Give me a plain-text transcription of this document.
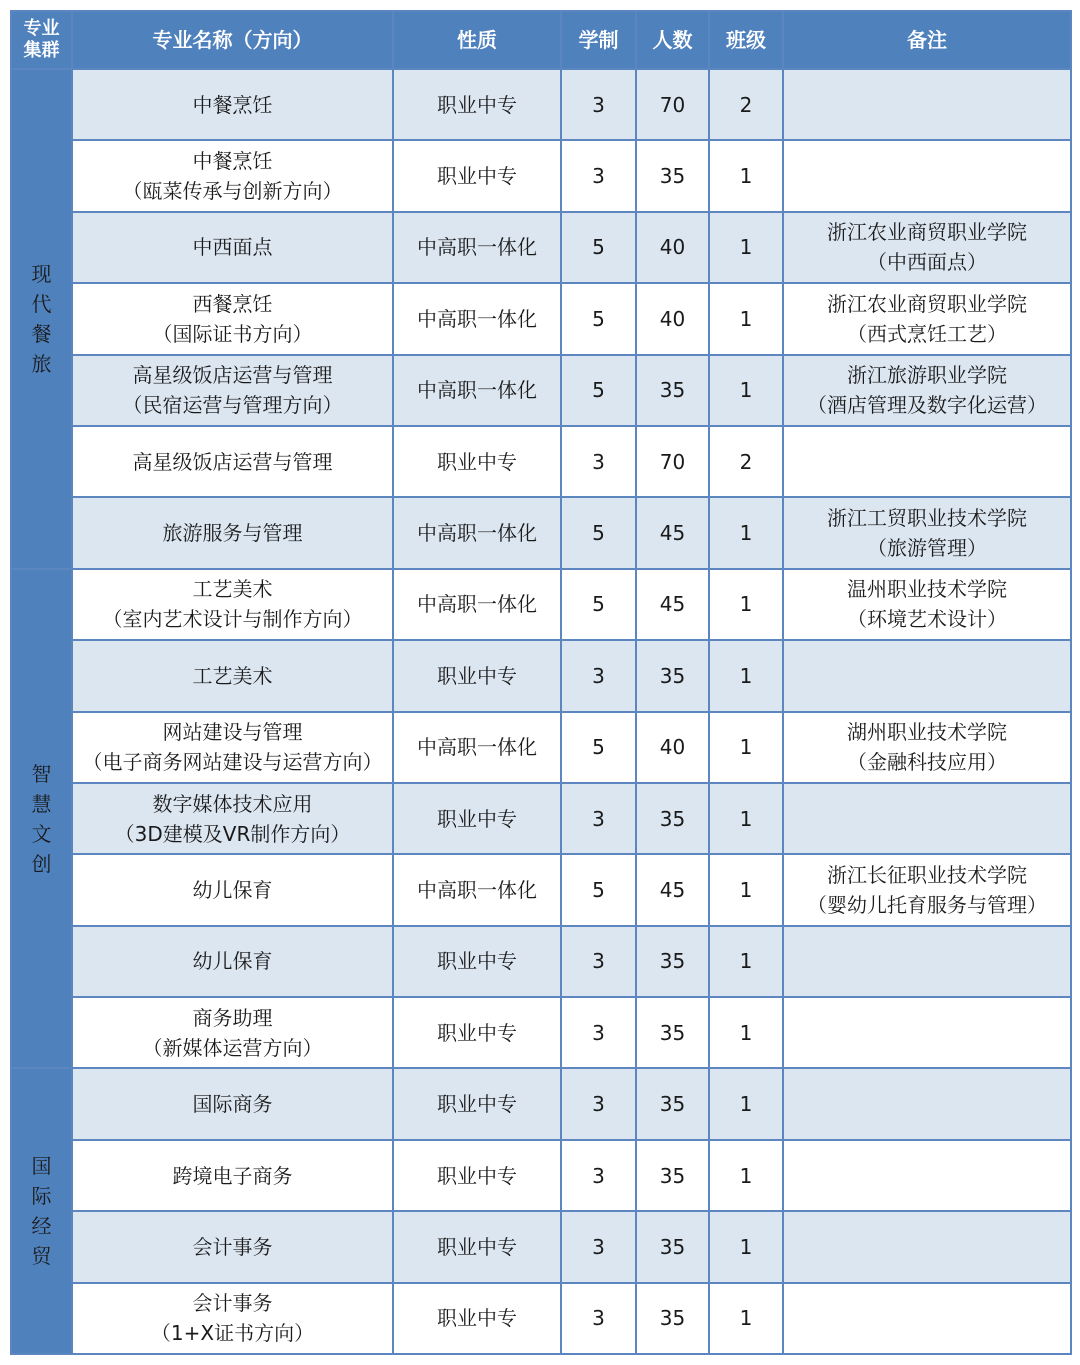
专业
集群	专业名称（方向）	性质	学制	人数	班级	备注

现
代
餐
旅	中餐烹饪	职业中专	3	70	2	

	中餐烹饪
（瓯菜传承与创新方向）	职业中专	3	35	1	

	中西面点	中高职一体化	5	40	1	浙江农业商贸职业学院
（中西面点）

	西餐烹饪
（国际证书方向）	中高职一体化	5	40	1	浙江农业商贸职业学院
（西式烹饪工艺）

	高星级饭店运营与管理
（民宿运营与管理方向）	中高职一体化	5	35	1	浙江旅游职业学院
（酒店管理及数字化运营）

	高星级饭店运营与管理	职业中专	3	70	2	

	旅游服务与管理	中高职一体化	5	45	1	浙江工贸职业技术学院
（旅游管理）

智
慧
文
创	工艺美术
（室内艺术设计与制作方向）	中高职一体化	5	45	1	温州职业技术学院
（环境艺术设计）

	工艺美术	职业中专	3	35	1	

	网站建设与管理
（电子商务网站建设与运营方向）	中高职一体化	5	40	1	湖州职业技术学院
（金融科技应用）

	数字媒体技术应用
（3D建模及VR制作方向）	职业中专	3	35	1	

	幼儿保育	中高职一体化	5	45	1	浙江长征职业技术学院
（婴幼儿托育服务与管理）

	幼儿保育	职业中专	3	35	1	

	商务助理
（新媒体运营方向）	职业中专	3	35	1	

国
际
经
贸	国际商务	职业中专	3	35	1	

	跨境电子商务	职业中专	3	35	1	

	会计事务	职业中专	3	35	1	

	会计事务
（1+X证书方向）	职业中专	3	35	1	
